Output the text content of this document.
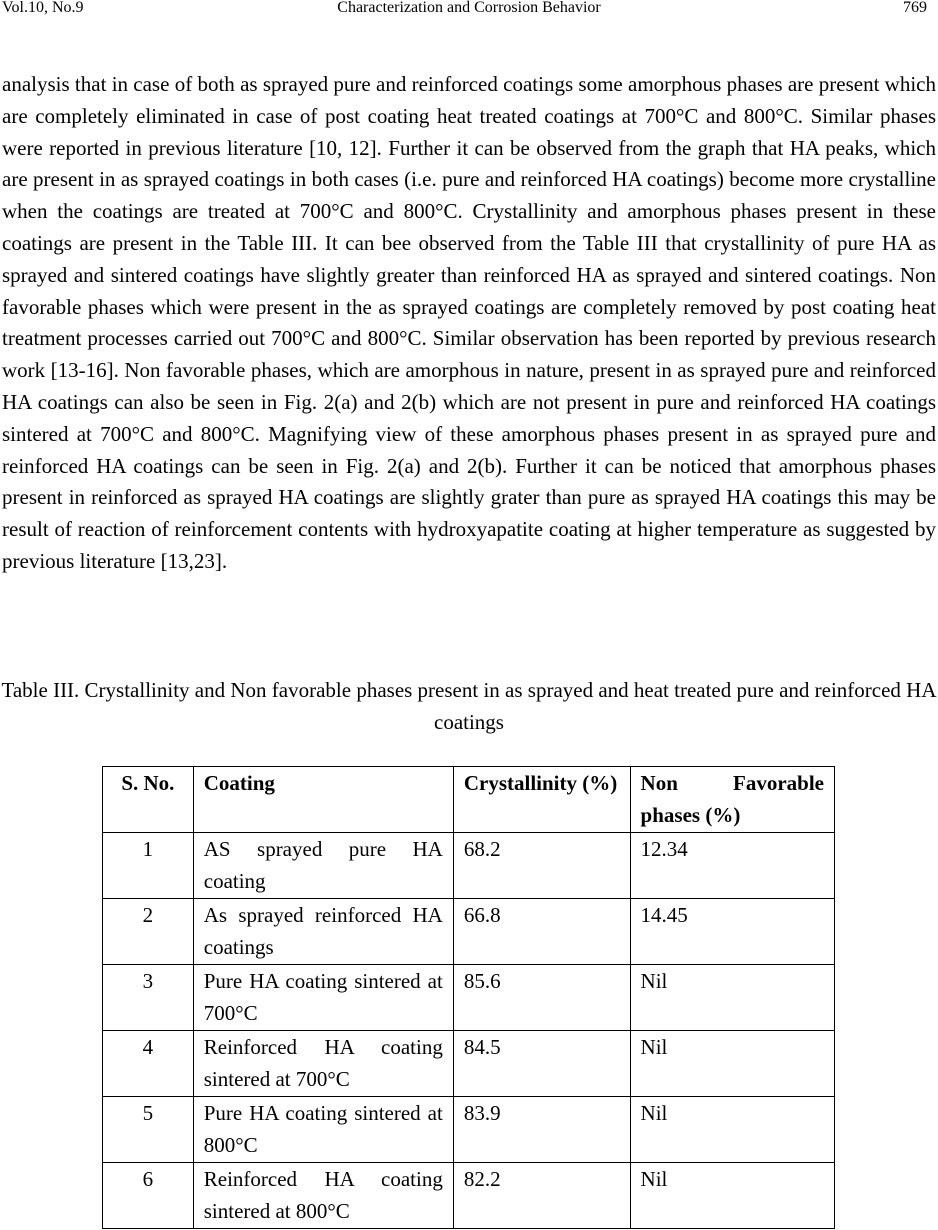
Vol.10, No.9	Characterization and Corrosion Behavior	769

analysis that in case of both as sprayed pure and reinforced coatings some amorphous phases are present which are completely eliminated in case of post coating heat treated coatings at 700°C and 800°C. Similar phases were reported in previous literature [10, 12]. Further it can be observed from the graph that HA peaks, which are present in as sprayed coatings in both cases (i.e. pure and reinforced HA coatings) become more crystalline when the coatings are treated at 700°C and 800°C. Crystallinity and amorphous phases present in these coatings are present in the Table III. It can bee observed from the Table III that crystallinity of pure HA as sprayed and sintered coatings have slightly greater than reinforced HA as sprayed and sintered coatings. Non favorable phases which were present in the as sprayed coatings are completely removed by post coating heat treatment processes carried out 700°C and 800°C. Similar observation has been reported by previous research work [13-16]. Non favorable phases, which are amorphous in nature, present in as sprayed pure and reinforced HA coatings can also be seen in Fig. 2(a) and 2(b) which are not present in pure and reinforced HA coatings sintered at 700°C and 800°C. Magnifying view of these amorphous phases present in as sprayed pure and reinforced HA coatings can be seen in Fig. 2(a) and 2(b). Further it can be noticed that amorphous phases present in reinforced as sprayed HA coatings are slightly grater than pure as sprayed HA coatings this may be result of reaction of reinforcement contents with hydroxyapatite coating at higher temperature as suggested by previous literature [13,23].

Table III. Crystallinity and Non favorable phases present in as sprayed and heat treated pure and reinforced HA coatings

S. No.	Coating	Crystallinity (%)	Non Favorable phases (%)
1	AS sprayed pure HA coating	68.2	12.34
2	As sprayed reinforced HA coatings	66.8	14.45
3	Pure HA coating sintered at 700°C	85.6	Nil
4	Reinforced HA coating sintered at 700°C	84.5	Nil
5	Pure HA coating sintered at 800°C	83.9	Nil
6	Reinforced HA coating sintered at 800°C	82.2	Nil
